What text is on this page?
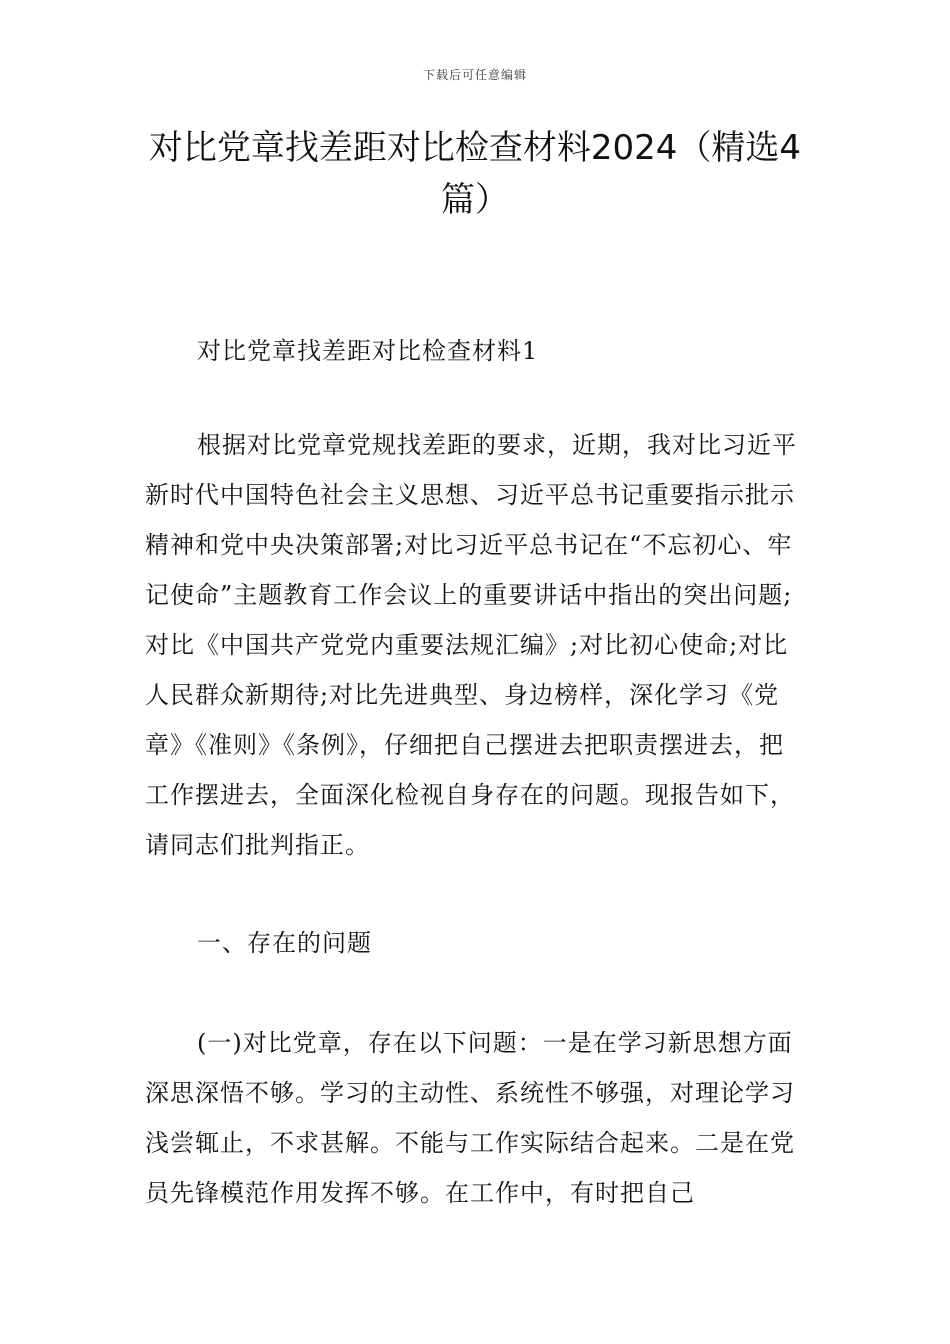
下载后可任意编辑
对比党章找差距对比检查材料2024（精选4篇）
对比党章找差距对比检查材料1
根据对比党章党规找差距的要求，近期，我对比习近平新时代中国特色社会主义思想、习近平总书记重要指示批示精神和党中央决策部署;对比习近平总书记在“不忘初心、牢记使命”主题教育工作会议上的重要讲话中指出的突出问题;对比《中国共产党党内重要法规汇编》;对比初心使命;对比人民群众新期待;对比先进典型、身边榜样，深化学习《党章》《准则》《条例》，仔细把自己摆进去把职责摆进去，把工作摆进去，全面深化检视自身存在的问题。现报告如下，请同志们批判指正。
一、存在的问题
(一)对比党章，存在以下问题：一是在学习新思想方面深思深悟不够。学习的主动性、系统性不够强，对理论学习浅尝辄止，不求甚解。不能与工作实际结合起来。二是在党员先锋模范作用发挥不够。在工作中，有时把自己
